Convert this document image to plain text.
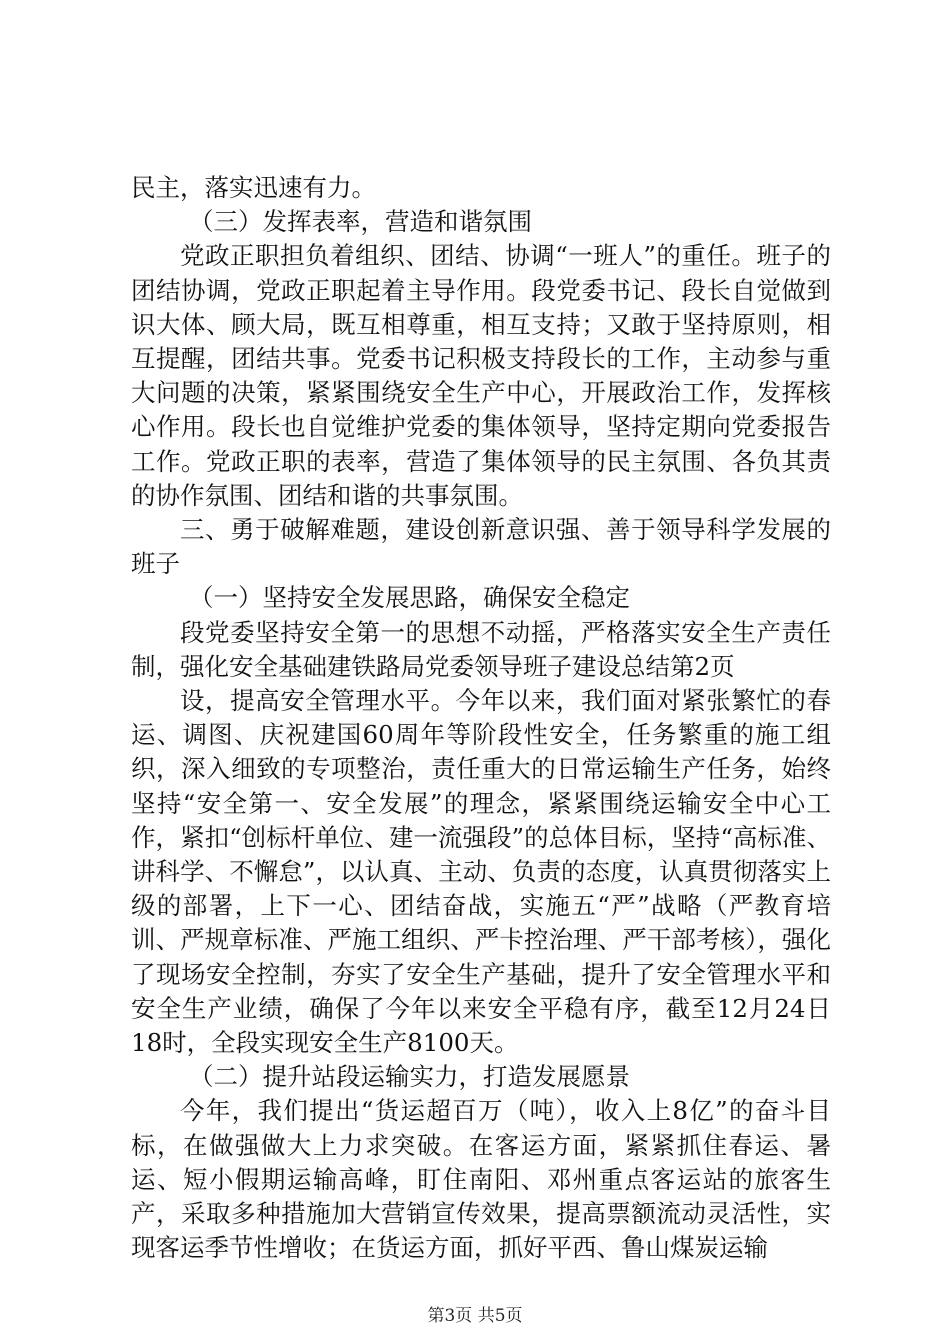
民主，落实迅速有力。

（三）发挥表率，营造和谐氛围

党政正职担负着组织、团结、协调“一班人”的重任。班子的团结协调，党政正职起着主导作用。段党委书记、段长自觉做到识大体、顾大局，既互相尊重，相互支持；又敢于坚持原则，相互提醒，团结共事。党委书记积极支持段长的工作，主动参与重大问题的决策，紧紧围绕安全生产中心，开展政治工作，发挥核心作用。段长也自觉维护党委的集体领导，坚持定期向党委报告工作。党政正职的表率，营造了集体领导的民主氛围、各负其责的协作氛围、团结和谐的共事氛围。

三、勇于破解难题，建设创新意识强、善于领导科学发展的班子

（一）坚持安全发展思路，确保安全稳定

段党委坚持安全第一的思想不动摇，严格落实安全生产责任制，强化安全基础建铁路局党委领导班子建设总结第2页

设，提高安全管理水平。今年以来，我们面对紧张繁忙的春运、调图、庆祝建国60周年等阶段性安全，任务繁重的施工组织，深入细致的专项整治，责任重大的日常运输生产任务，始终坚持“安全第一、安全发展”的理念，紧紧围绕运输安全中心工作，紧扣“创标杆单位、建一流强段”的总体目标，坚持“高标准、讲科学、不懈怠”，以认真、主动、负责的态度，认真贯彻落实上级的部署，上下一心、团结奋战，实施五“严”战略（严教育培训、严规章标准、严施工组织、严卡控治理、严干部考核），强化了现场安全控制，夯实了安全生产基础，提升了安全管理水平和安全生产业绩，确保了今年以来安全平稳有序，截至12月24日18时，全段实现安全生产8100天。

（二）提升站段运输实力，打造发展愿景

今年，我们提出“货运超百万（吨），收入上8亿”的奋斗目标，在做强做大上力求突破。在客运方面，紧紧抓住春运、暑运、短小假期运输高峰，盯住南阳、邓州重点客运站的旅客生产，采取多种措施加大营销宣传效果，提高票额流动灵活性，实现客运季节性增收；在货运方面，抓好平西、鲁山煤炭运输

第3页 共5页
